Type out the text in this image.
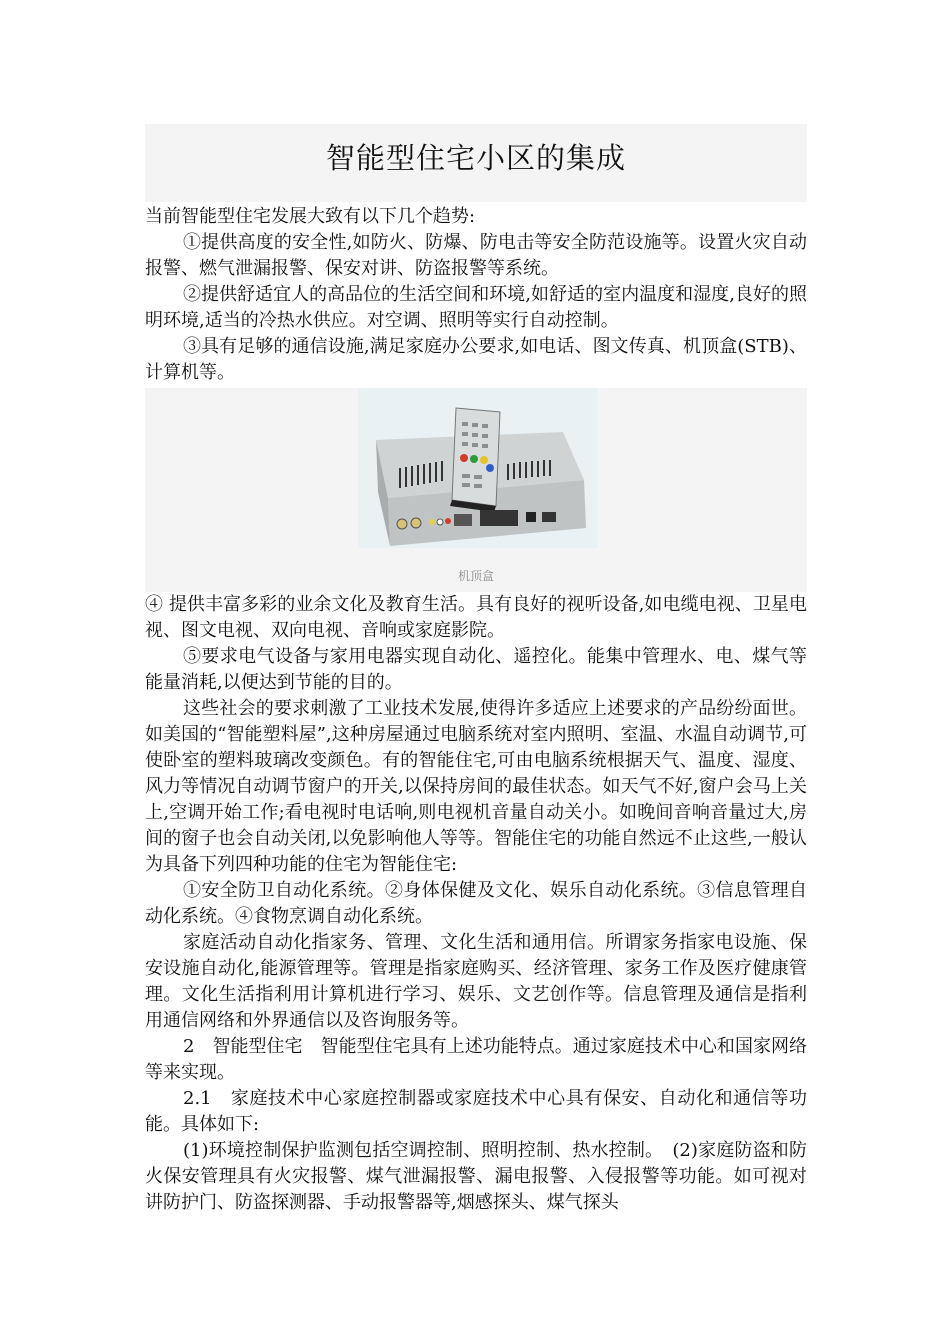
智能型住宅小区的集成

当前智能型住宅发展大致有以下几个趋势:

①提供高度的安全性,如防火、防爆、防电击等安全防范设施等。设置火灾自动报警、燃气泄漏报警、保安对讲、防盗报警等系统。

②提供舒适宜人的高品位的生活空间和环境,如舒适的室内温度和湿度,良好的照明环境,适当的冷热水供应。对空调、照明等实行自动控制。

③具有足够的通信设施,满足家庭办公要求,如电话、图文传真、机顶盒(STB)、计算机等。

机顶盒

④ 提供丰富多彩的业余文化及教育生活。具有良好的视听设备,如电缆电视、卫星电视、图文电视、双向电视、音响或家庭影院。

⑤要求电气设备与家用电器实现自动化、遥控化。能集中管理水、电、煤气等能量消耗,以便达到节能的目的。

这些社会的要求刺激了工业技术发展,使得许多适应上述要求的产品纷纷面世。如美国的“智能塑料屋”,这种房屋通过电脑系统对室内照明、室温、水温自动调节,可使卧室的塑料玻璃改变颜色。有的智能住宅,可由电脑系统根据天气、温度、湿度、风力等情况自动调节窗户的开关,以保持房间的最佳状态。如天气不好,窗户会马上关上,空调开始工作;看电视时电话响,则电视机音量自动关小。如晚间音响音量过大,房间的窗子也会自动关闭,以免影响他人等等。智能住宅的功能自然远不止这些,一般认为具备下列四种功能的住宅为智能住宅:

①安全防卫自动化系统。②身体保健及文化、娱乐自动化系统。③信息管理自动化系统。④食物烹调自动化系统。

家庭活动自动化指家务、管理、文化生活和通用信。所谓家务指家电设施、保安设施自动化,能源管理等。管理是指家庭购买、经济管理、家务工作及医疗健康管理。文化生活指利用计算机进行学习、娱乐、文艺创作等。信息管理及通信是指利用通信网络和外界通信以及咨询服务等。

2　智能型住宅　智能型住宅具有上述功能特点。通过家庭技术中心和国家网络等来实现。

2.1　家庭技术中心家庭控制器或家庭技术中心具有保安、自动化和通信等功能。具体如下:

(1)环境控制保护监测包括空调控制、照明控制、热水控制。　(2)家庭防盗和防火保安管理具有火灾报警、煤气泄漏报警、漏电报警、入侵报警等功能。如可视对讲防护门、防盗探测器、手动报警器等,烟感探头、煤气探头
